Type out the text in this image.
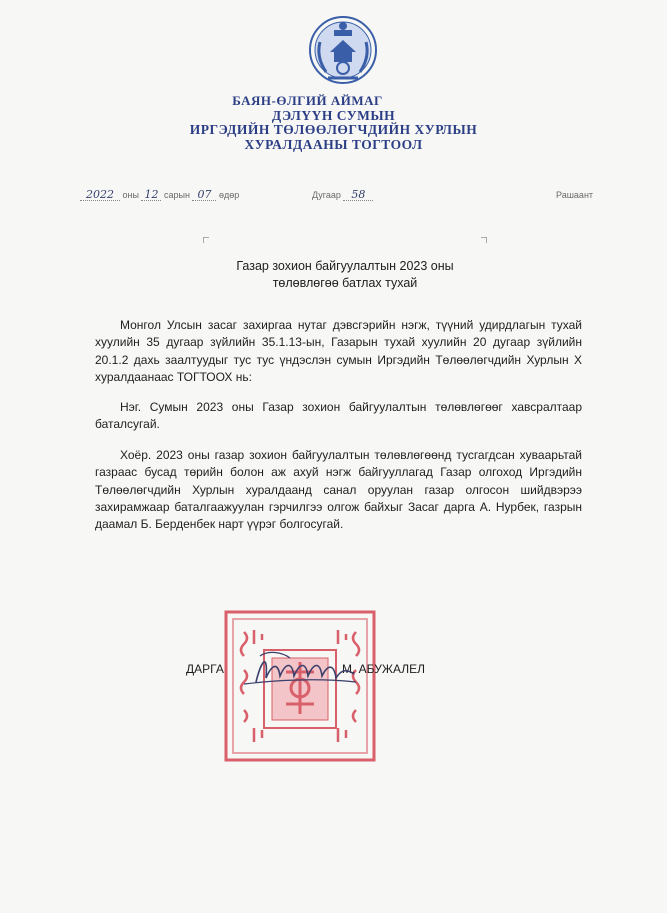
БАЯН-ӨЛГИЙ АЙМАГ
ДЭЛҮҮН СУМЫН
ИРГЭДИЙН ТӨЛӨӨЛӨГЧДИЙН ХУРЛЫН
ХУРАЛДААНЫ ТОГТООЛ
2022 оны 12 сарын 07 өдөр	Дугаар 58	Рашаант
Газар зохион байгуулалтын 2023 оны
төлөвлөгөө батлах тухай

Монгол Улсын засаг захиргаа нутаг дэвсгэрийн нэгж, түүний удирдлагын тухай хуулийн 35 дугаар зүйлийн 35.1.13-ын, Газарын тухай хуулийн 20 дугаар зүйлийн 20.1.2 дахь заалтуудыг тус тус үндэслэн сумын Иргэдийн Төлөөлөгчдийн Хурлын Х хуралдаанаас ТОГТООХ нь:

Нэг. Сумын 2023 оны Газар зохион байгуулалтын төлөвлөгөөг хавсралтаар баталсугай.

Хоёр. 2023 оны газар зохион байгуулалтын төлөвлөгөөнд тусгагдсан хуваарьтай газраас бусад төрийн болон аж ахуй нэгж байгууллагад Газар олгоход Иргэдийн Төлөөлөгчдийн Хурлын хуралдаанд санал оруулан газар олгосон шийдвэрээ захирамжаар баталгаажуулан гэрчилгээ олгож байхыг Засаг дарга А. Нурбек, газрын даамал Б. Берденбек нарт үүрэг болгосугай.

ДАРГА	М. АБУЖАЛЕЛ
